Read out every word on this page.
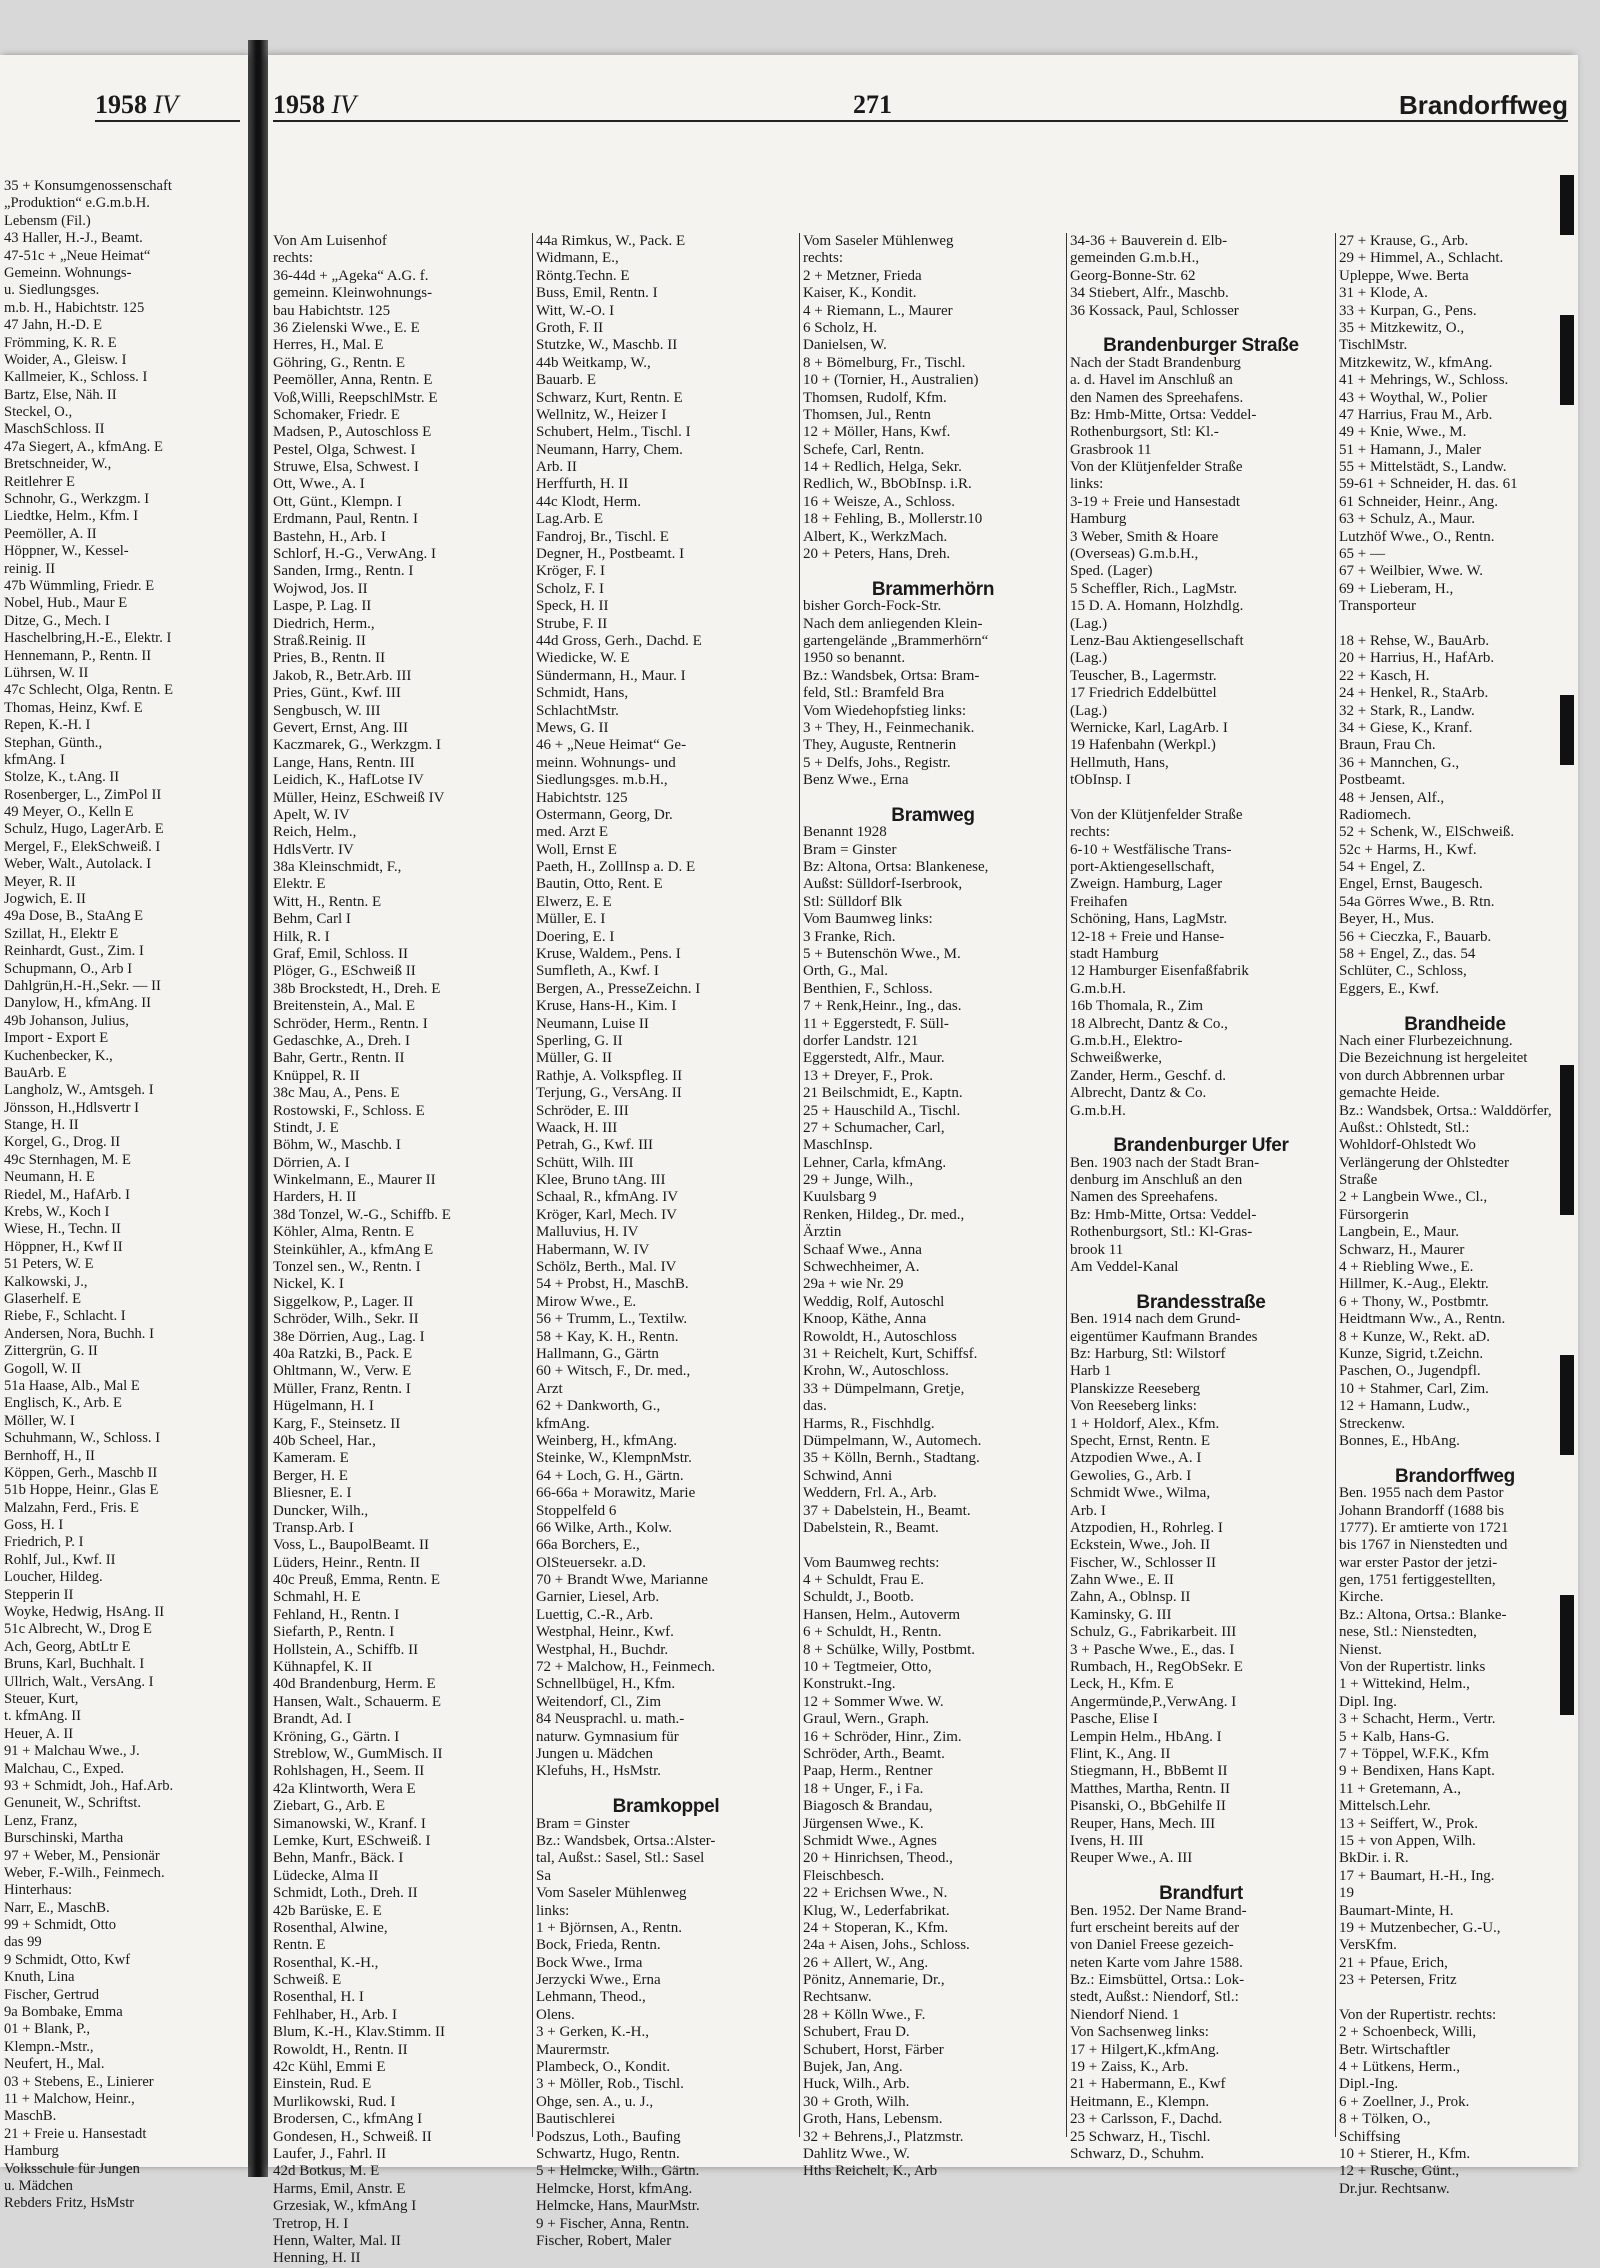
1958 IV
35 + Konsumgenossenschaft
„Produktion“ e.G.m.b.H.
Lebensm (Fil.)
43 Haller, H.-J., Beamt.
47-51c + „Neue Heimat“
Gemeinn. Wohnungs-
u. Siedlungsges.
m.b. H., Habichtstr. 125
47 Jahn, H.-D. E
Frömming, K. R. E
Woider, A., Gleisw. I
Kallmeier, K., Schloss. I
Bartz, Else, Näh. II
Steckel, O.,
MaschSchloss. II
47a Siegert, A., kfmAng. E
Bretschneider, W.,
Reitlehrer E
Schnohr, G., Werkzgm. I
Liedtke, Helm., Kfm. I
Peemöller, A. II
Höppner, W., Kessel-
reinig. II
47b Wümmling, Friedr. E
Nobel, Hub., Maur E
Ditze, G., Mech. I
Haschelbring,H.-E., Elektr. I
Hennemann, P., Rentn. II
Lührsen, W. II
47c Schlecht, Olga, Rentn. E
Thomas, Heinz, Kwf. E
Repen, K.-H. I
Stephan, Günth.,
kfmAng. I
Stolze, K., t.Ang. II
Rosenberger, L., ZimPol II
49 Meyer, O., Kelln E
Schulz, Hugo, LagerArb. E
Mergel, F., ElekSchweiß. I
Weber, Walt., Autolack. I
Meyer, R. II
Jogwich, E. II
49a Dose, B., StaAng E
Szillat, H., Elektr E
Reinhardt, Gust., Zim. I
Schupmann, O., Arb I
Dahlgrün,H.-H.,Sekr. — II
Danylow, H., kfmAng. II
49b Johanson, Julius,
Import - Export E
Kuchenbecker, K.,
BauArb. E
Langholz, W., Amtsgeh. I
Jönsson, H.,Hdlsvertr I
Stange, H. II
Korgel, G., Drog. II
49c Sternhagen, M. E
Neumann, H. E
Riedel, M., HafArb. I
Krebs, W., Koch I
Wiese, H., Techn. II
Höppner, H., Kwf II
51 Peters, W. E
Kalkowski, J.,
Glaserhelf. E
Riebe, F., Schlacht. I
Andersen, Nora, Buchh. I
Zittergrün, G. II
Gogoll, W. II
51a Haase, Alb., Mal E
Englisch, K., Arb. E
Möller, W. I
Schuhmann, W., Schloss. I
Bernhoff, H., II
Köppen, Gerh., Maschb II
51b Hoppe, Heinr., Glas E
Malzahn, Ferd., Fris. E
Goss, H. I
Friedrich, P. I
Rohlf, Jul., Kwf. II
Loucher, Hildeg.
Stepperin II
Woyke, Hedwig, HsAng. II
51c Albrecht, W., Drog E
Ach, Georg, AbtLtr E
Bruns, Karl, Buchhalt. I
Ullrich, Walt., VersAng. I
Steuer, Kurt,
t. kfmAng. II
Heuer, A. II
91 + Malchau Wwe., J.
Malchau, C., Exped.
93 + Schmidt, Joh., Haf.Arb.
Genuneit, W., Schriftst.
Lenz, Franz,
Burschinski, Martha
97 + Weber, M., Pensionär
Weber, F.-Wilh., Feinmech.
Hinterhaus:
Narr, E., MaschB.
99 + Schmidt, Otto
das 99
9 Schmidt, Otto, Kwf
Knuth, Lina
Fischer, Gertrud
9a Bombake, Emma
01 + Blank, P.,
Klempn.-Mstr.,
Neufert, H., Mal.
03 + Stebens, E., Linierer
11 + Malchow, Heinr.,
MaschB.
21 + Freie u. Hansestadt
Hamburg
Volksschule für Jungen
u. Mädchen
Rebders Fritz, HsMstr
1958 IV	271	Brandorffweg
Von Am Luisenhof
rechts:
36-44d + „Ageka“ A.G. f.
gemeinn. Kleinwohnungs-
bau Habichtstr. 125
36 Zielenski Wwe., E. E
Herres, H., Mal. E
Göhring, G., Rentn. E
Peemöller, Anna, Rentn. E
Voß,Willi, ReepschlMstr. E
Schomaker, Friedr. E
Madsen, P., Autoschloss E
Pestel, Olga, Schwest. I
Struwe, Elsa, Schwest. I
Ott, Wwe., A. I
Ott, Günt., Klempn. I
Erdmann, Paul, Rentn. I
Bastehn, H., Arb. I
Schlorf, H.-G., VerwAng. I
Sanden, Irmg., Rentn. I
Wojwod, Jos. II
Laspe, P. Lag. II
Diedrich, Herm.,
Straß.Reinig. II
Pries, B., Rentn. II
Jakob, R., Betr.Arb. III
Pries, Günt., Kwf. III
Sengbusch, W. III
Gevert, Ernst, Ang. III
Kaczmarek, G., Werkzgm. I
Lange, Hans, Rentn. III
Leidich, K., HafLotse IV
Müller, Heinz, ESchweiß IV
Apelt, W. IV
Reich, Helm.,
HdlsVertr. IV
38a Kleinschmidt, F.,
Elektr. E
Witt, H., Rentn. E
Behm, Carl I
Hilk, R. I
Graf, Emil, Schloss. II
Plöger, G., ESchweiß II
38b Brockstedt, H., Dreh. E
Breitenstein, A., Mal. E
Schröder, Herm., Rentn. I
Gedaschke, A., Dreh. I
Bahr, Gertr., Rentn. II
Knüppel, R. II
38c Mau, A., Pens. E
Rostowski, F., Schloss. E
Stindt, J. E
Böhm, W., Maschb. I
Dörrien, A. I
Winkelmann, E., Maurer II
Harders, H. II
38d Tonzel, W.-G., Schiffb. E
Köhler, Alma, Rentn. E
Steinkühler, A., kfmAng E
Tonzel sen., W., Rentn. I
Nickel, K. I
Siggelkow, P., Lager. II
Schröder, Wilh., Sekr. II
38e Dörrien, Aug., Lag. I
40a Ratzki, B., Pack. E
Ohltmann, W., Verw. E
Müller, Franz, Rentn. I
Hügelmann, H. I
Karg, F., Steinsetz. II
40b Scheel, Har.,
Kameram. E
Berger, H. E
Bliesner, E. I
Duncker, Wilh.,
Transp.Arb. I
Voss, L., BaupolBeamt. II
Lüders, Heinr., Rentn. II
40c Preuß, Emma, Rentn. E
Schmahl, H. E
Fehland, H., Rentn. I
Siefarth, P., Rentn. I
Hollstein, A., Schiffb. II
Kühnapfel, K. II
40d Brandenburg, Herm. E
Hansen, Walt., Schauerm. E
Brandt, Ad. I
Kröning, G., Gärtn. I
Streblow, W., GumMisch. II
Rohlshagen, H., Seem. II
42a Klintworth, Wera E
Ziebart, G., Arb. E
Simanowski, W., Kranf. I
Lemke, Kurt, ESchweiß. I
Behn, Manfr., Bäck. I
Lüdecke, Alma II
Schmidt, Loth., Dreh. II
42b Barüske, E. E
Rosenthal, Alwine,
Rentn. E
Rosenthal, K.-H.,
Schweiß. E
Rosenthal, H. I
Fehlhaber, H., Arb. I
Blum, K.-H., Klav.Stimm. II
Rowoldt, H., Rentn. II
42c Kühl, Emmi E
Einstein, Rud. E
Murlikowski, Rud. I
Brodersen, C., kfmAng I
Gondesen, H., Schweiß. II
Laufer, J., Fahrl. II
42d Botkus, M. E
Harms, Emil, Anstr. E
Grzesiak, W., kfmAng I
Tretrop, H. I
Henn, Walter, Mal. II
Henning, H. II
44a Rimkus, W., Pack. E
Widmann, E.,
Röntg.Techn. E
Buss, Emil, Rentn. I
Witt, W.-O. I
Groth, F. II
Stutzke, W., Maschb. II
44b Weitkamp, W.,
Bauarb. E
Schwarz, Kurt, Rentn. E
Wellnitz, W., Heizer I
Schubert, Helm., Tischl. I
Neumann, Harry, Chem.
Arb. II
Herffurth, H. II
44c Klodt, Herm.
Lag.Arb. E
Fandroj, Br., Tischl. E
Degner, H., Postbeamt. I
Kröger, F. I
Scholz, F. I
Speck, H. II
Strube, F. II
44d Gross, Gerh., Dachd. E
Wiedicke, W. E
Sündermann, H., Maur. I
Schmidt, Hans,
SchlachtMstr.
Mews, G. II
46 + „Neue Heimat“ Ge-
meinn. Wohnungs- und
Siedlungsges. m.b.H.,
Habichtstr. 125
Ostermann, Georg, Dr.
med. Arzt E
Woll, Ernst E
Paeth, H., ZollInsp a. D. E
Bautin, Otto, Rent. E
Elwerz, E. E
Müller, E. I
Doering, E. I
Kruse, Waldem., Pens. I
Sumfleth, A., Kwf. I
Bergen, A., PresseZeichn. I
Kruse, Hans-H., Kim. I
Neumann, Luise II
Sperling, G. II
Müller, G. II
Rathje, A. Volkspfleg. II
Terjung, G., VersAng. II
Schröder, E. III
Waack, H. III
Petrah, G., Kwf. III
Schütt, Wilh. III
Klee, Bruno tAng. III
Schaal, R., kfmAng. IV
Kröger, Karl, Mech. IV
Malluvius, H. IV
Habermann, W. IV
Schölz, Berth., Mal. IV
54 + Probst, H., MaschB.
Mirow Wwe., E.
56 + Trumm, L., Textilw.
58 + Kay, K. H., Rentn.
Hallmann, G., Gärtn
60 + Witsch, F., Dr. med.,
Arzt
62 + Dankworth, G.,
kfmAng.
Weinberg, H., kfmAng.
Steinke, W., KlempnMstr.
64 + Loch, G. H., Gärtn.
66-66a + Morawitz, Marie
Stoppelfeld 6
66 Wilke, Arth., Kolw.
66a Borchers, E.,
OlSteuersekr. a.D.
70 + Brandt Wwe, Marianne
Garnier, Liesel, Arb.
Luettig, C.-R., Arb.
Westphal, Heinr., Kwf.
Westphal, H., Buchdr.
72 + Malchow, H., Feinmech.
Schnellbügel, H., Kfm.
Weitendorf, Cl., Zim
84 Neusprachl. u. math.-
naturw. Gymnasium für
Jungen u. Mädchen
Klefuhs, H., HsMstr.
Bramkoppel
Bram = Ginster
Bz.: Wandsbek, Ortsa.:Alster-
tal, Außst.: Sasel, Stl.: Sasel
Sa
Vom Saseler Mühlenweg
links:
1 + Björnsen, A., Rentn.
Bock, Frieda, Rentn.
Bock Wwe., Irma
Jerzycki Wwe., Erna
Lehmann, Theod.,
Olens.
3 + Gerken, K.-H.,
Maurermstr.
Plambeck, O., Kondit.
3 + Möller, Rob., Tischl.
Ohge, sen. A., u. J.,
Bautischlerei
Podszus, Loth., Baufing
Schwartz, Hugo, Rentn.
5 + Helmcke, Wilh., Gärtn.
Helmcke, Horst, kfmAng.
Helmcke, Hans, MaurMstr.
9 + Fischer, Anna, Rentn.
Fischer, Robert, Maler
Vom Saseler Mühlenweg
rechts:
2 + Metzner, Frieda
Kaiser, K., Kondit.
4 + Riemann, L., Maurer
6 Scholz, H.
Danielsen, W.
8 + Bömelburg, Fr., Tischl.
10 + (Tornier, H., Australien)
Thomsen, Rudolf, Kfm.
Thomsen, Jul., Rentn
12 + Möller, Hans, Kwf.
Schefe, Carl, Rentn.
14 + Redlich, Helga, Sekr.
Redlich, W., BbObInsp. i.R.
16 + Weisze, A., Schloss.
18 + Fehling, B., Mollerstr.10
Albert, K., WerkzMach.
20 + Peters, Hans, Dreh.
Brammerhörn
bisher Gorch-Fock-Str.
Nach dem anliegenden Klein-
gartengelände „Brammerhörn“
1950 so benannt.
Bz.: Wandsbek, Ortsa: Bram-
feld, Stl.: Bramfeld Bra
Vom Wiedehopfstieg links:
3 + They, H., Feinmechanik.
They, Auguste, Rentnerin
5 + Delfs, Johs., Registr.
Benz Wwe., Erna
Bramweg
Benannt 1928
Bram = Ginster
Bz: Altona, Ortsa: Blankenese,
Außst: Sülldorf-Iserbrook,
Stl: Sülldorf Blk
Vom Baumweg links:
3 Franke, Rich.
5 + Butenschön Wwe., M.
Orth, G., Mal.
Benthien, F., Schloss.
7 + Renk,Heinr., Ing., das.
11 + Eggerstedt, F. Süll-
dorfer Landstr. 121
Eggerstedt, Alfr., Maur.
13 + Dreyer, F., Prok.
21 Beilschmidt, E., Kaptn.
25 + Hauschild A., Tischl.
27 + Schumacher, Carl,
MaschInsp.
Lehner, Carla, kfmAng.
29 + Junge, Wilh.,
Kuulsbarg 9
Renken, Hildeg., Dr. med.,
Ärztin
Schaaf Wwe., Anna
Schwechheimer, A.
29a + wie Nr. 29
Weddig, Rolf, Autoschl
Knoop, Käthe, Anna
Rowoldt, H., Autoschloss
31 + Reichelt, Kurt, Schiffsf.
Krohn, W., Autoschloss.
33 + Dümpelmann, Gretje,
das.
Harms, R., Fischhdlg.
Dümpelmann, W., Automech.
35 + Kölln, Bernh., Stadtang.
Schwind, Anni
Weddern, Frl. A., Arb.
37 + Dabelstein, H., Beamt.
Dabelstein, R., Beamt.
Vom Baumweg rechts:
4 + Schuldt, Frau E.
Schuldt, J., Bootb.
Hansen, Helm., Autoverm
6 + Schuldt, H., Rentn.
8 + Schülke, Willy, Postbmt.
10 + Tegtmeier, Otto,
Konstrukt.-Ing.
12 + Sommer Wwe. W.
Graul, Wern., Graph.
16 + Schröder, Hinr., Zim.
Schröder, Arth., Beamt.
Paap, Herm., Rentner
18 + Unger, F., i Fa.
Biagosch & Brandau,
Jürgensen Wwe., K.
Schmidt Wwe., Agnes
20 + Hinrichsen, Theod.,
Fleischbesch.
22 + Erichsen Wwe., N.
Klug, W., Lederfabrikat.
24 + Stoperan, K., Kfm.
24a + Aisen, Johs., Schloss.
26 + Allert, W., Ang.
Pönitz, Annemarie, Dr.,
Rechtsanw.
28 + Kölln Wwe., F.
Schubert, Frau D.
Schubert, Horst, Färber
Bujek, Jan, Ang.
Huck, Wilh., Arb.
30 + Groth, Wilh.
Groth, Hans, Lebensm.
32 + Behrens,J., Platzmstr.
Dahlitz Wwe., W.
Hths Reichelt, K., Arb
34-36 + Bauverein d. Elb-
gemeinden G.m.b.H.,
Georg-Bonne-Str. 62
34 Stiebert, Alfr., Maschb.
36 Kossack, Paul, Schlosser
Brandenburger Straße
Nach der Stadt Brandenburg
a. d. Havel im Anschluß an
den Namen des Spreehafens.
Bz: Hmb-Mitte, Ortsa: Veddel-
Rothenburgsort, Stl: Kl.-
Grasbrook 11
Von der Klütjenfelder Straße
links:
3-19 + Freie und Hansestadt
Hamburg
3 Weber, Smith & Hoare
(Overseas) G.m.b.H.,
Sped. (Lager)
5 Scheffler, Rich., LagMstr.
15 D. A. Homann, Holzhdlg.
(Lag.)
Lenz-Bau Aktiengesellschaft
(Lag.)
Teuscher, B., Lagermstr.
17 Friedrich Eddelbüttel
(Lag.)
Wernicke, Karl, LagArb. I
19 Hafenbahn (Werkpl.)
Hellmuth, Hans,
tObInsp. I
Von der Klütjenfelder Straße
rechts:
6-10 + Westfälische Trans-
port-Aktiengesellschaft,
Zweign. Hamburg, Lager
Freihafen
Schöning, Hans, LagMstr.
12-18 + Freie und Hanse-
stadt Hamburg
12 Hamburger Eisenfaßfabrik
G.m.b.H.
16b Thomala, R., Zim
18 Albrecht, Dantz & Co.,
G.m.b.H., Elektro-
Schweißwerke,
Zander, Herm., Geschf. d.
Albrecht, Dantz & Co.
G.m.b.H.
Brandenburger Ufer
Ben. 1903 nach der Stadt Bran-
denburg im Anschluß an den
Namen des Spreehafens.
Bz: Hmb-Mitte, Ortsa: Veddel-
Rothenburgsort, Stl.: Kl-Gras-
brook 11
Am Veddel-Kanal
Brandesstraße
Ben. 1914 nach dem Grund-
eigentümer Kaufmann Brandes
Bz: Harburg, Stl: Wilstorf
Harb 1
Planskizze Reeseberg
Von Reeseberg links:
1 + Holdorf, Alex., Kfm.
Specht, Ernst, Rentn. E
Atzpodien Wwe., A. I
Gewolies, G., Arb. I
Schmidt Wwe., Wilma,
Arb. I
Atzpodien, H., Rohrleg. I
Eckstein, Wwe., Joh. II
Fischer, W., Schlosser II
Zahn Wwe., E. II
Zahn, A., Oblnsp. II
Kaminsky, G. III
Schulz, G., Fabrikarbeit. III
3 + Pasche Wwe., E., das. I
Rumbach, H., RegObSekr. E
Leck, H., Kfm. E
Angermünde,P.,VerwAng. I
Pasche, Elise I
Lempin Helm., HbAng. I
Flint, K., Ang. II
Stiegmann, H., BbBemt II
Matthes, Martha, Rentn. II
Pisanski, O., BbGehilfe II
Reuper, Hans, Mech. III
Ivens, H. III
Reuper Wwe., A. III
Brandfurt
Ben. 1952. Der Name Brand-
furt erscheint bereits auf der
von Daniel Freese gezeich-
neten Karte vom Jahre 1588.
Bz.: Eimsbüttel, Ortsa.: Lok-
stedt, Außst.: Niendorf, Stl.:
Niendorf Niend. 1
Von Sachsenweg links:
17 + Hilgert,K.,kfmAng.
19 + Zaiss, K., Arb.
21 + Habermann, E., Kwf
Heitmann, E., Klempn.
23 + Carlsson, F., Dachd.
25 Schwarz, H., Tischl.
Schwarz, D., Schuhm.
27 + Krause, G., Arb.
29 + Himmel, A., Schlacht.
Upleppe, Wwe. Berta
31 + Klode, A.
33 + Kurpan, G., Pens.
35 + Mitzkewitz, O.,
TischlMstr.
Mitzkewitz, W., kfmAng.
41 + Mehrings, W., Schloss.
43 + Woythal, W., Polier
47 Harrius, Frau M., Arb.
49 + Knie, Wwe., M.
51 + Hamann, J., Maler
55 + Mittelstädt, S., Landw.
59-61 + Schneider, H. das. 61
61 Schneider, Heinr., Ang.
63 + Schulz, A., Maur.
Lutzhöf Wwe., O., Rentn.
65 + —
67 + Weilbier, Wwe. W.
69 + Lieberam, H.,
Transporteur
18 + Rehse, W., BauArb.
20 + Harrius, H., HafArb.
22 + Kasch, H.
24 + Henkel, R., StaArb.
32 + Stark, R., Landw.
34 + Giese, K., Kranf.
Braun, Frau Ch.
36 + Mannchen, G.,
Postbeamt.
48 + Jensen, Alf.,
Radiomech.
52 + Schenk, W., ElSchweiß.
52c + Harms, H., Kwf.
54 + Engel, Z.
Engel, Ernst, Baugesch.
54a Görres Wwe., B. Rtn.
Beyer, H., Mus.
56 + Cieczka, F., Bauarb.
58 + Engel, Z., das. 54
Schlüter, C., Schloss,
Eggers, E., Kwf.
Brandheide
Nach einer Flurbezeichnung.
Die Bezeichnung ist hergeleitet
von durch Abbrennen urbar
gemachte Heide.
Bz.: Wandsbek, Ortsa.: Walddörfer,
Außst.: Ohlstedt, Stl.:
Wohldorf-Ohlstedt Wo
Verlängerung der Ohlstedter
Straße
2 + Langbein Wwe., Cl.,
Fürsorgerin
Langbein, E., Maur.
Schwarz, H., Maurer
4 + Riebling Wwe., E.
Hillmer, K.-Aug., Elektr.
6 + Thony, W., Postbmtr.
Heidtmann Ww., A., Rentn.
8 + Kunze, W., Rekt. aD.
Kunze, Sigrid, t.Zeichn.
Paschen, O., Jugendpfl.
10 + Stahmer, Carl, Zim.
12 + Hamann, Ludw.,
Streckenw.
Bonnes, E., HbAng.
Brandorffweg
Ben. 1955 nach dem Pastor
Johann Brandorff (1688 bis
1777). Er amtierte von 1721
bis 1767 in Nienstedten und
war erster Pastor der jetzi-
gen, 1751 fertiggestellten,
Kirche.
Bz.: Altona, Ortsa.: Blanke-
nese, Stl.: Nienstedten,
Nienst.
Von der Rupertistr. links
1 + Wittekind, Helm.,
Dipl. Ing.
3 + Schacht, Herm., Vertr.
5 + Kalb, Hans-G.
7 + Töppel, W.F.K., Kfm
9 + Bendixen, Hans Kapt.
11 + Gretemann, A.,
Mittelsch.Lehr.
13 + Seiffert, W., Prok.
15 + von Appen, Wilh.
BkDir. i. R.
17 + Baumart, H.-H., Ing.
19
Baumart-Minte, H.
19 + Mutzenbecher, G.-U.,
VersKfm.
21 + Pfaue, Erich,
23 + Petersen, Fritz
Von der Rupertistr. rechts:
2 + Schoenbeck, Willi,
Betr. Wirtschaftler
4 + Lütkens, Herm.,
Dipl.-Ing.
6 + Zoellner, J., Prok.
8 + Tölken, O.,
Schiffsing
10 + Stierer, H., Kfm.
12 + Rusche, Günt.,
Dr.jur. Rechtsanw.
